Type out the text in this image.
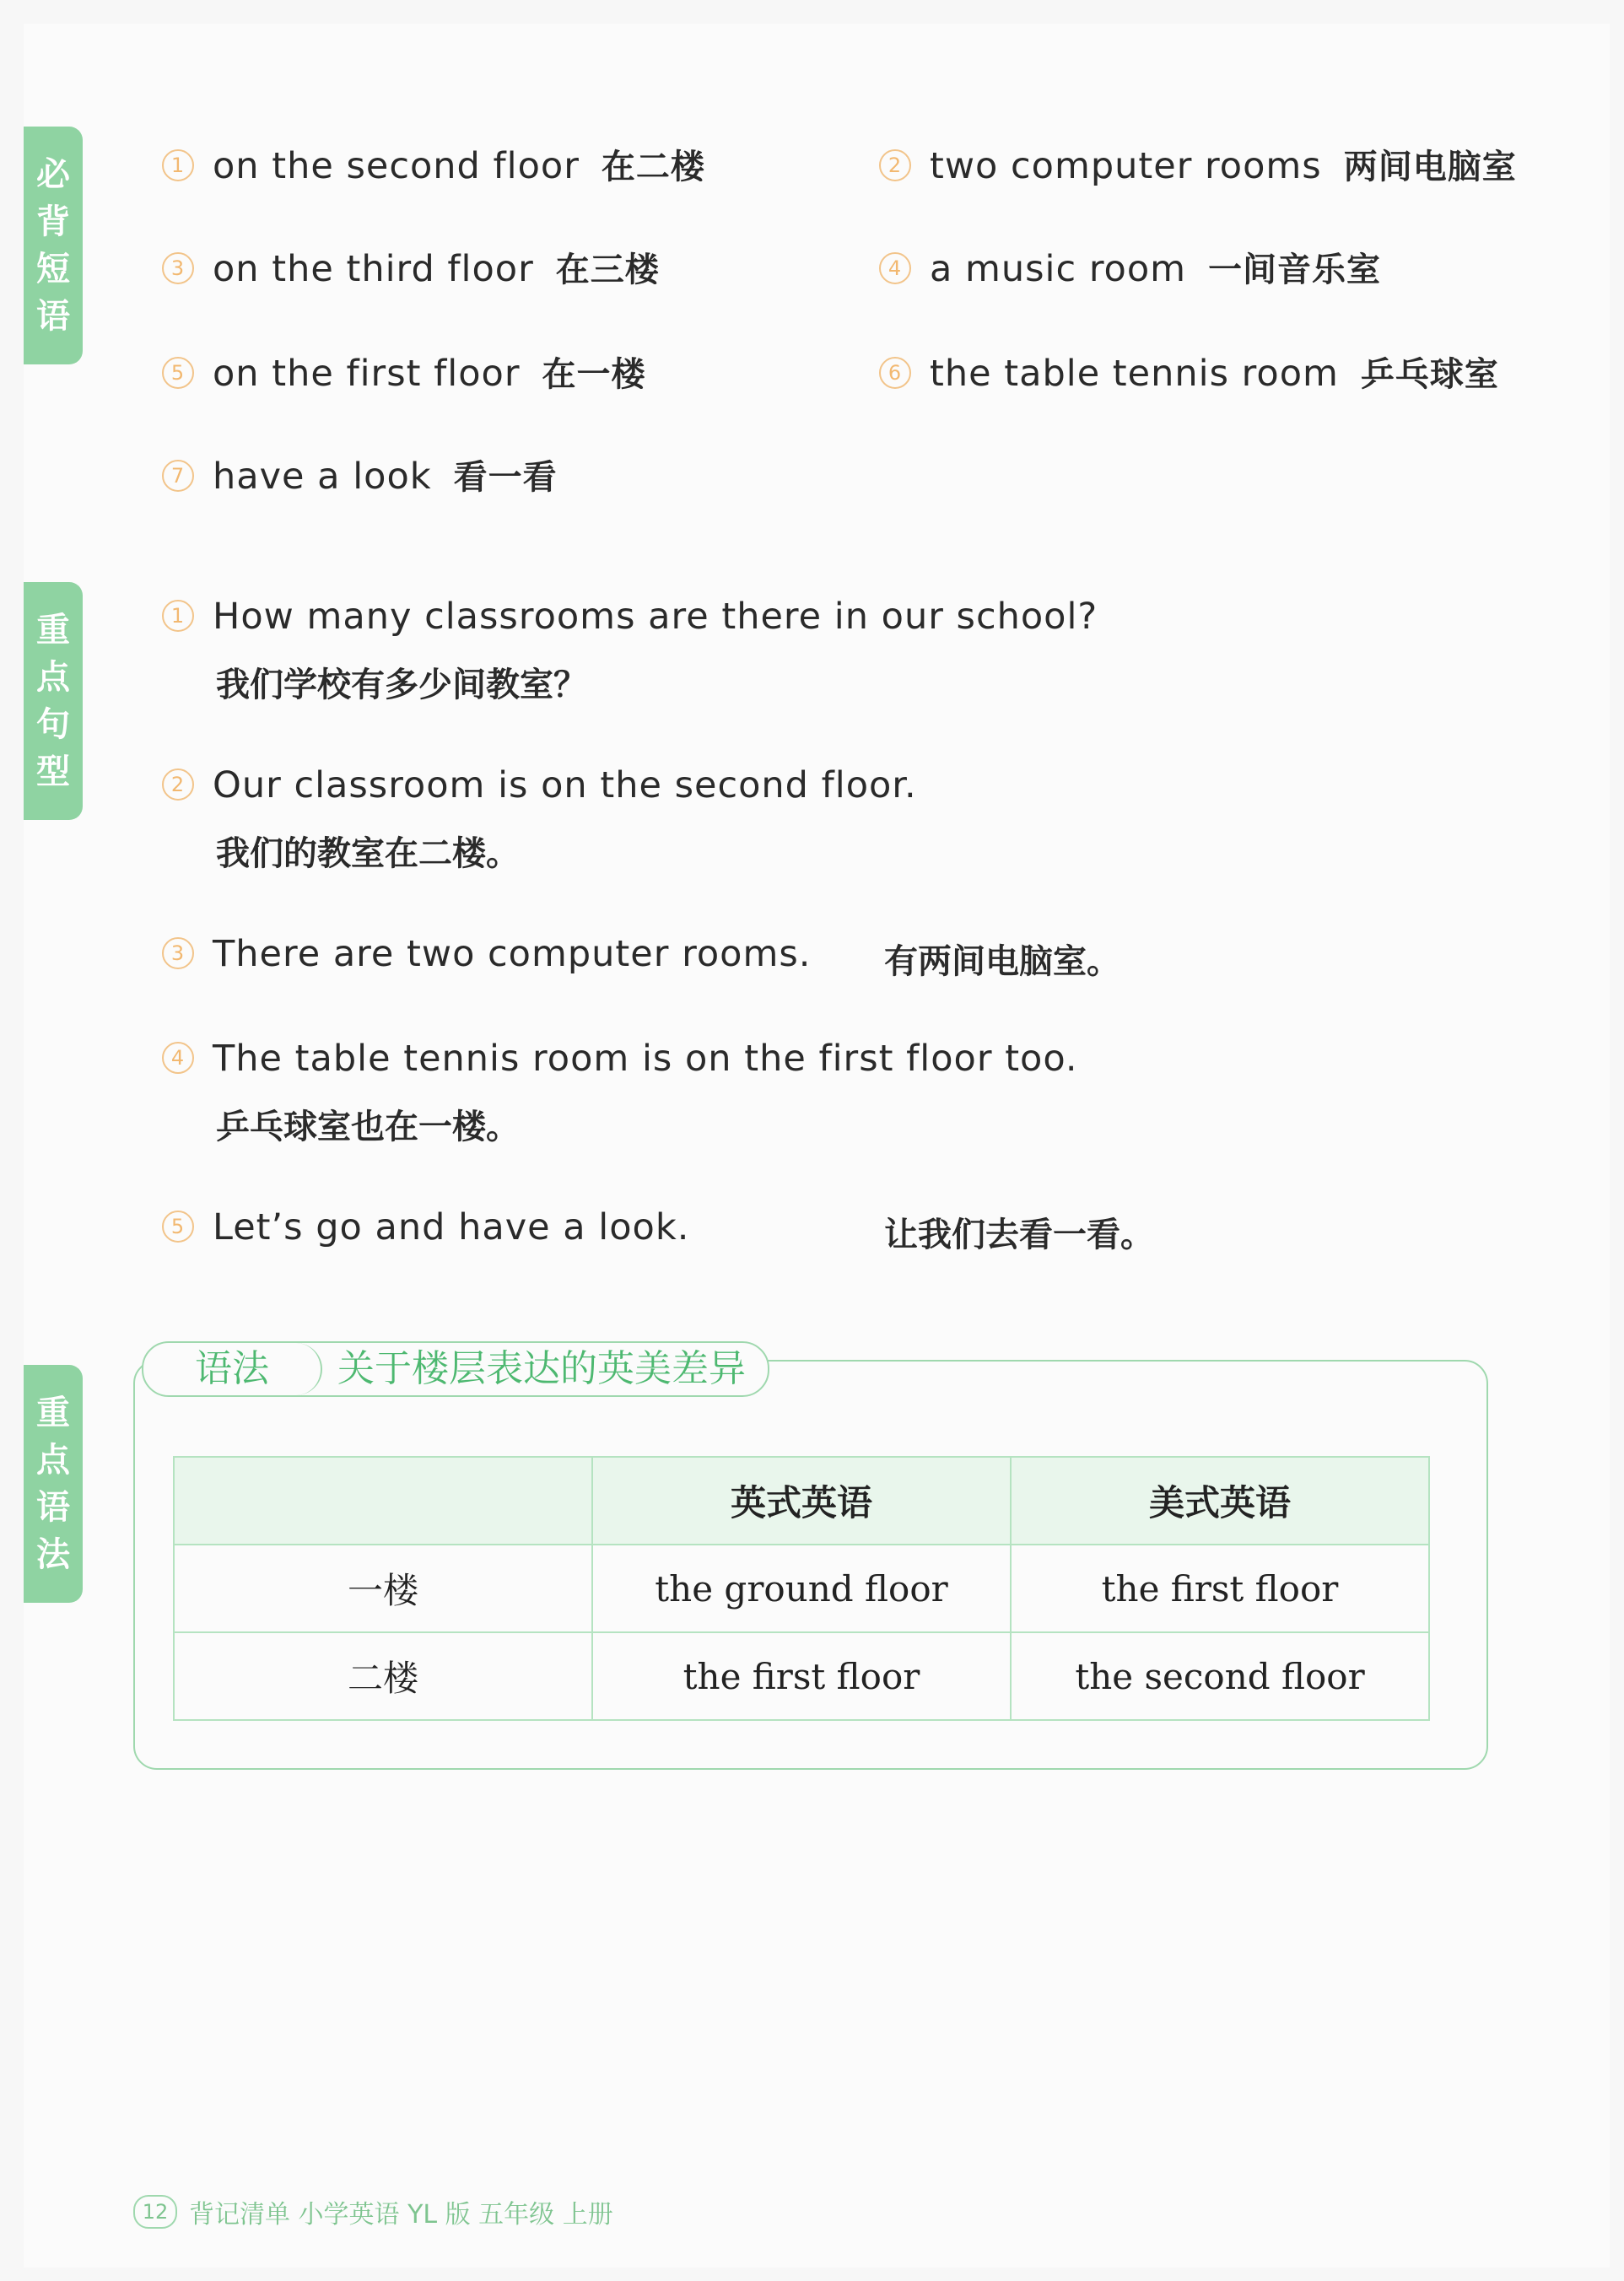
必
背
短
语
重
点
句
型
重
点
语
法
1 on the second floor 在二楼	2 two computer rooms 两间电脑室
3 on the third floor 在三楼	4 a music room 一间音乐室
5 on the first floor 在一楼	6 the table tennis room 乒乓球室
7 have a look 看一看
1 How many classrooms are there in our school?
我们学校有多少间教室？
2 Our classroom is on the second floor.
我们的教室在二楼。
3 There are two computer rooms. 有两间电脑室。
4 The table tennis room is on the first floor too.
乒乓球室也在一楼。
5 Let’s go and have a look.	让我们去看一看。
语法	关于楼层表达的英美差异
	英式英语	美式英语
一楼	the ground floor	the first floor
二楼	the first floor	the second floor
12 背记清单 小学英语 YL 版 五年级 上册
